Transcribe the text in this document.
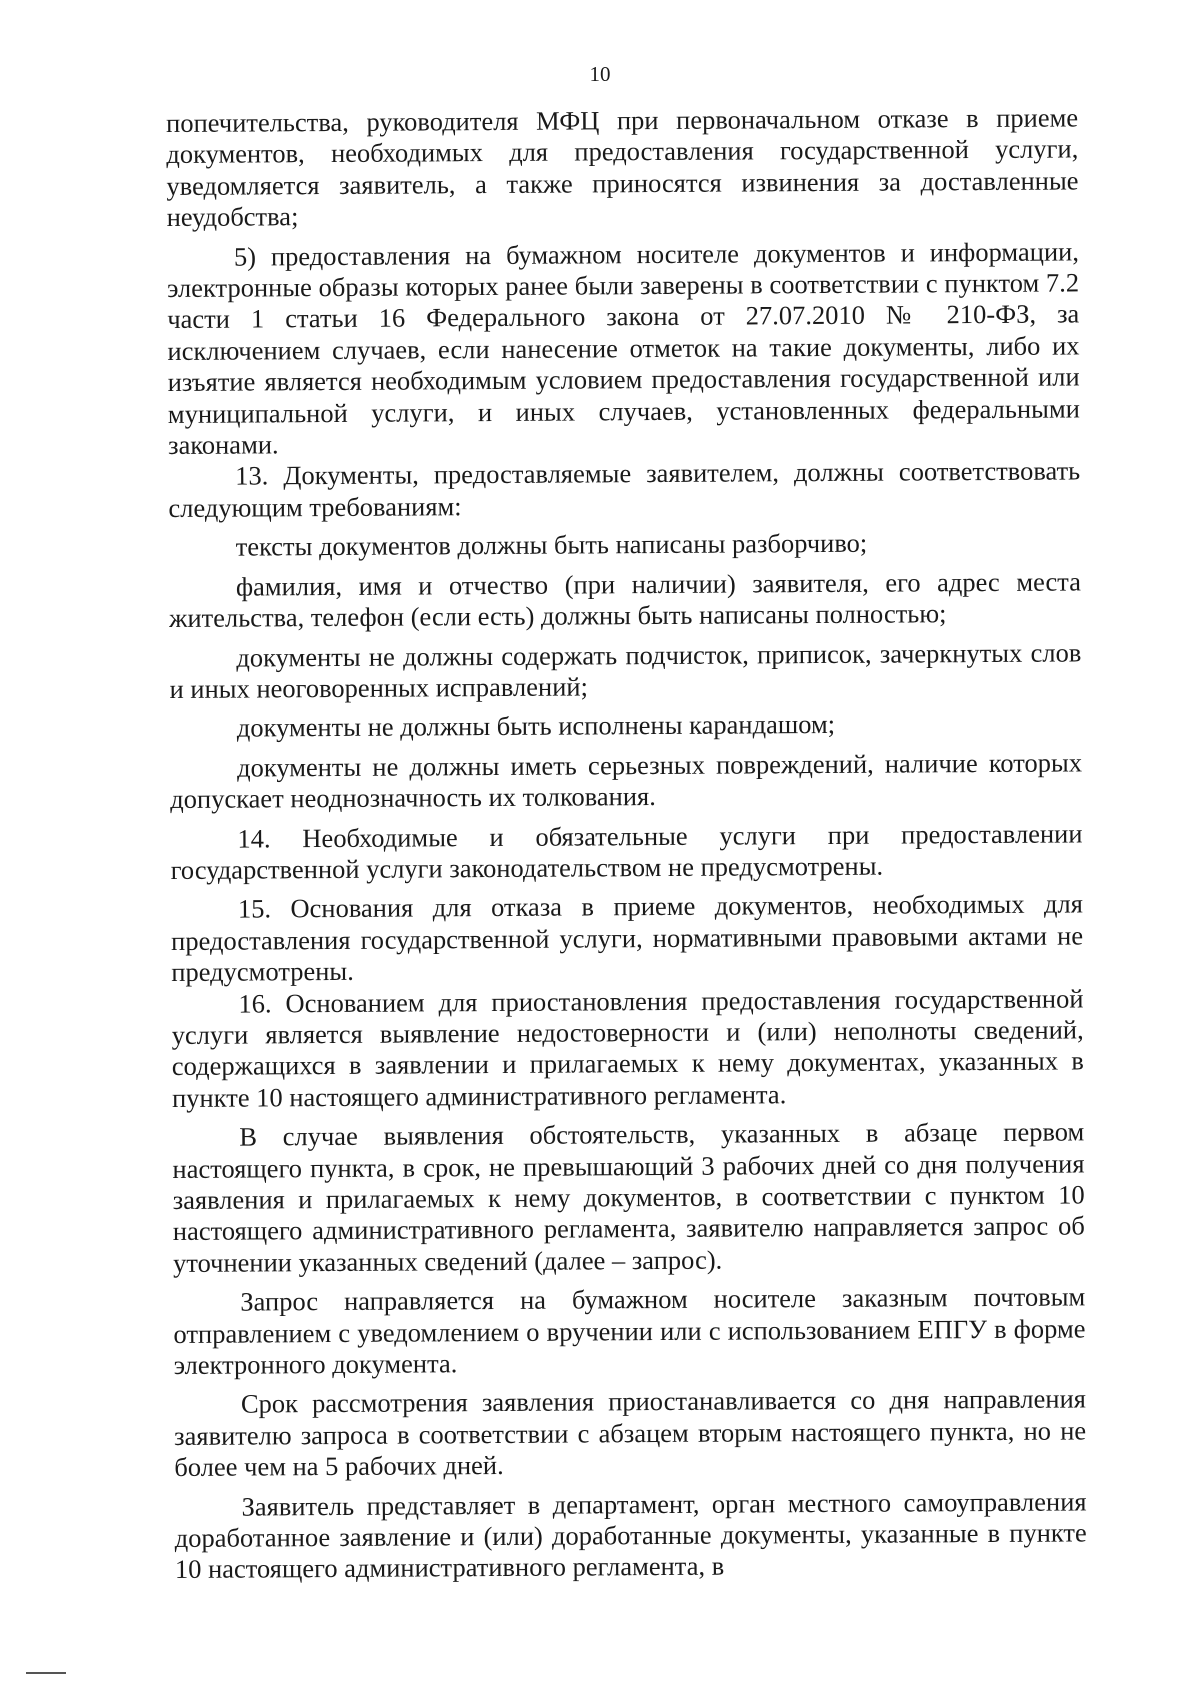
10

попечительства, руководителя МФЦ при первоначальном отказе в приеме документов, необходимых для предоставления государственной услуги, уведомляется заявитель, а также приносятся извинения за доставленные неудобства;

5) предоставления на бумажном носителе документов и информации, электронные образы которых ранее были заверены в соответствии с пунктом 7.2 части 1 статьи 16 Федерального закона от 27.07.2010 № 210-ФЗ, за исключением случаев, если нанесение отметок на такие документы, либо их изъятие является необходимым условием предоставления государственной или муниципальной услуги, и иных случаев, установленных федеральными законами.

13. Документы, предоставляемые заявителем, должны соответствовать следующим требованиям:

тексты документов должны быть написаны разборчиво;

фамилия, имя и отчество (при наличии) заявителя, его адрес места жительства, телефон (если есть) должны быть написаны полностью;

документы не должны содержать подчисток, приписок, зачеркнутых слов и иных неоговоренных исправлений;

документы не должны быть исполнены карандашом;

документы не должны иметь серьезных повреждений, наличие которых допускает неоднозначность их толкования.

14. Необходимые и обязательные услуги при предоставлении государственной услуги законодательством не предусмотрены.

15. Основания для отказа в приеме документов, необходимых для предоставления государственной услуги, нормативными правовыми актами не предусмотрены.

16. Основанием для приостановления предоставления государственной услуги является выявление недостоверности и (или) неполноты сведений, содержащихся в заявлении и прилагаемых к нему документах, указанных в пункте 10 настоящего административного регламента.

В случае выявления обстоятельств, указанных в абзаце первом настоящего пункта, в срок, не превышающий 3 рабочих дней со дня получения заявления и прилагаемых к нему документов, в соответствии с пунктом 10 настоящего административного регламента, заявителю направляется запрос об уточнении указанных сведений (далее – запрос).

Запрос направляется на бумажном носителе заказным почтовым отправлением с уведомлением о вручении или с использованием ЕПГУ в форме электронного документа.

Срок рассмотрения заявления приостанавливается со дня направления заявителю запроса в соответствии с абзацем вторым настоящего пункта, но не более чем на 5 рабочих дней.

Заявитель представляет в департамент, орган местного самоуправления доработанное заявление и (или) доработанные документы, указанные в пункте 10 настоящего административного регламента, в
